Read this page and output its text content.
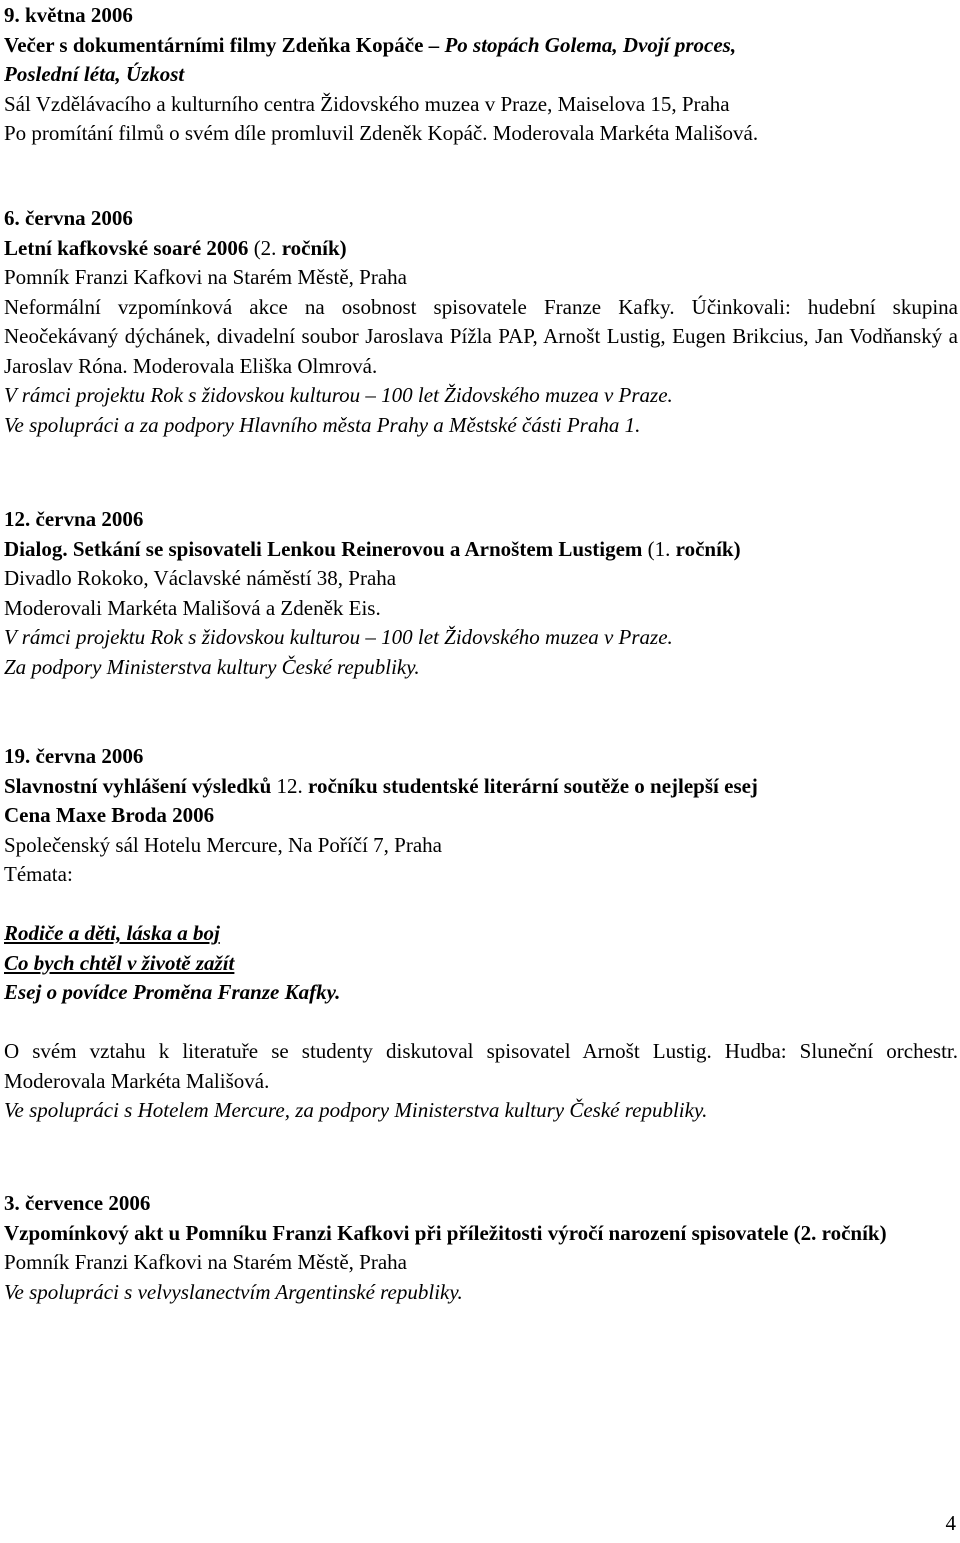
9. května 2006
Večer s dokumentárními filmy Zdeňka Kopáče – Po stopách Golema, Dvojí proces,
Poslední léta, Úzkost
Sál Vzdělávacího a kulturního centra Židovského muzea v Praze, Maiselova 15, Praha
Po promítání filmů o svém díle promluvil Zdeněk Kopáč. Moderovala Markéta Mališová.
6. června 2006
Letní kafkovské soaré 2006 (2. ročník)
Pomník Franzi Kafkovi na Starém Městě, Praha
Neformální vzpomínková akce na osobnost spisovatele Franze Kafky. Účinkovali: hudební skupina Neočekávaný dýchánek, divadelní soubor Jaroslava Pížla PAP, Arnošt Lustig, Eugen Brikcius, Jan Vodňanský a Jaroslav Róna. Moderovala Eliška Olmrová.
V rámci projektu Rok s židovskou kulturou – 100 let Židovského muzea v Praze.
Ve spolupráci a za podpory Hlavního města Prahy a Městské části Praha 1.
12. června 2006
Dialog. Setkání se spisovateli Lenkou Reinerovou a Arnoštem Lustigem (1. ročník)
Divadlo Rokoko, Václavské náměstí 38, Praha
Moderovali Markéta Mališová a Zdeněk Eis.
V rámci projektu Rok s židovskou kulturou – 100 let Židovského muzea v Praze.
Za podpory Ministerstva kultury České republiky.
19. června 2006
Slavnostní vyhlášení výsledků 12. ročníku studentské literární soutěže o nejlepší esej
Cena Maxe Broda 2006
Společenský sál Hotelu Mercure, Na Poříčí 7, Praha
Témata:
Rodiče a děti, láska a boj
Co bych chtěl v životě zažít
Esej o povídce Proměna Franze Kafky.
O svém vztahu k literatuře se studenty diskutoval spisovatel Arnošt Lustig. Hudba: Sluneční orchestr. Moderovala Markéta Mališová.
Ve spolupráci s Hotelem Mercure, za podpory Ministerstva kultury České republiky.
3. července 2006
Vzpomínkový akt u Pomníku Franzi Kafkovi při příležitosti výročí narození spisovatele (2. ročník)
Pomník Franzi Kafkovi na Starém Městě, Praha
Ve spolupráci s velvyslanectvím Argentinské republiky.
4
